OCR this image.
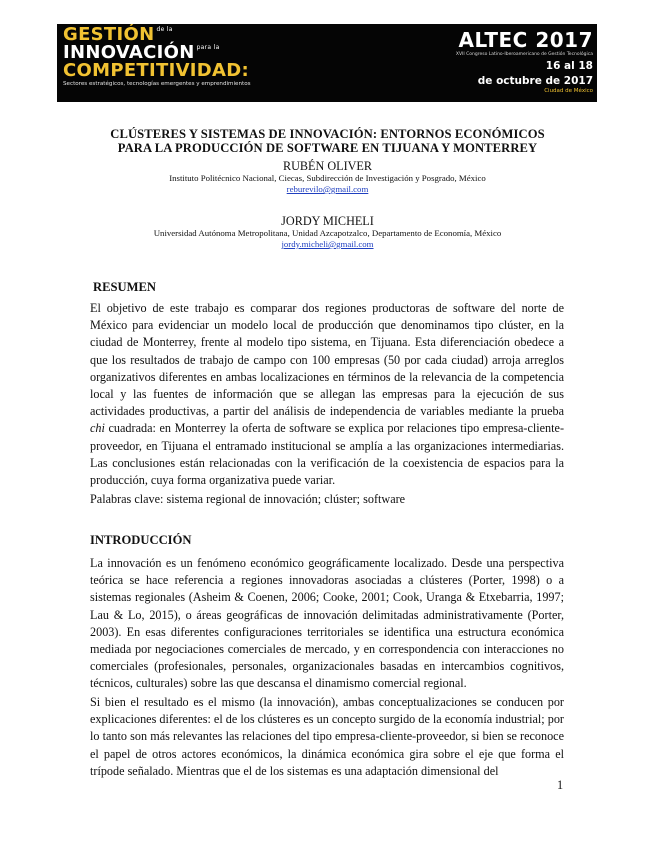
GESTIÓN de la
INNOVACIÓN para la
COMPETITIVIDAD:
Sectores estratégicos, tecnologías emergentes y emprendimientos
ALTEC 2017
XVII Congreso Latino-Iberoamericano de Gestión Tecnológica
16 al 18
de octubre de 2017
Ciudad de México
CLÚSTERES Y SISTEMAS DE INNOVACIÓN: ENTORNOS ECONÓMICOS
PARA LA PRODUCCIÓN DE SOFTWARE EN TIJUANA Y MONTERREY
RUBÉN OLIVER
Instituto Politécnico Nacional, Ciecas, Subdirección de Investigación y Posgrado, México
reburevilo@gmail.com
JORDY MICHELI
Universidad Autónoma Metropolitana, Unidad Azcapotzalco, Departamento de Economía, México
jordy.micheli@gmail.com
RESUMEN

El objetivo de este trabajo es comparar dos regiones productoras de software del norte de México para evidenciar un modelo local de producción que denominamos tipo clúster, en la ciudad de Monterrey, frente al modelo tipo sistema, en Tijuana. Esta diferenciación obedece a que los resultados de trabajo de campo con 100 empresas (50 por cada ciudad) arroja arreglos organizativos diferentes en ambas localizaciones en términos de la relevancia de la competencia local y las fuentes de información que se allegan las empresas para la ejecución de sus actividades productivas, a partir del análisis de independencia de variables mediante la prueba chi cuadrada: en Monterrey la oferta de software se explica por relaciones tipo empresa-cliente-proveedor, en Tijuana el entramado institucional se amplía a las organizaciones intermediarias. Las conclusiones están relacionadas con la verificación de la coexistencia de espacios para la producción, cuya forma organizativa puede variar.

Palabras clave: sistema regional de innovación; clúster; software
INTRODUCCIÓN

La innovación es un fenómeno económico geográficamente localizado. Desde una perspectiva teórica se hace referencia a regiones innovadoras asociadas a clústeres (Porter, 1998) o a sistemas regionales (Asheim & Coenen, 2006; Cooke, 2001; Cook, Uranga & Etxebarria, 1997; Lau & Lo, 2015), o áreas geográficas de innovación delimitadas administrativamente (Porter, 2003). En esas diferentes configuraciones territoriales se identifica una estructura económica mediada por negociaciones comerciales de mercado, y en correspondencia con interacciones no comerciales (profesionales, personales, organizacionales basadas en intercambios cognitivos, técnicos, culturales) sobre las que descansa el dinamismo comercial regional.

Si bien el resultado es el mismo (la innovación), ambas conceptualizaciones se conducen por explicaciones diferentes: el de los clústeres es un concepto surgido de la economía industrial; por lo tanto son más relevantes las relaciones del tipo empresa-cliente-proveedor, si bien se reconoce el papel de otros actores económicos, la dinámica económica gira sobre el eje que forma el trípode señalado. Mientras que el de los sistemas es una adaptación dimensional del

1
